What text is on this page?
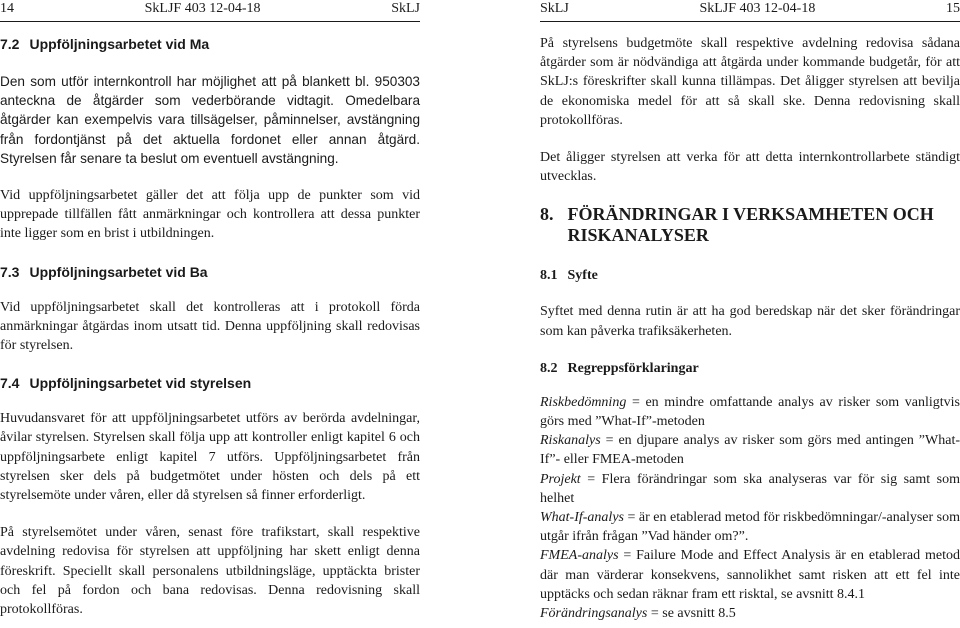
14	SkLJF 403 12-04-18	SkLJ
7.2 Uppföljningsarbetet vid Ma

Den som utför internkontroll har möjlighet att på blankett bl. 950303 anteckna de åtgärder som vederbörande vidtagit. Omedelbara åtgärder kan exempelvis vara tillsägelser, påminnelser, avstängning från fordontjänst på det aktuella fordonet eller annan åtgärd. Styrelsen får senare ta beslut om eventuell avstängning.

Vid uppföljningsarbetet gäller det att följa upp de punkter som vid upprepade tillfällen fått anmärkningar och kontrollera att dessa punkter inte ligger som en brist i utbildningen.

7.3 Uppföljningsarbetet vid Ba

Vid uppföljningsarbetet skall det kontrolleras att i protokoll förda anmärkningar åtgärdas inom utsatt tid. Denna uppföljning skall redovisas för styrelsen.

7.4 Uppföljningsarbetet vid styrelsen

Huvudansvaret för att uppföljningsarbetet utförs av berörda avdelningar, åvilar styrelsen. Styrelsen skall följa upp att kontroller enligt kapitel 6 och uppföljningsarbete enligt kapitel 7 utförs. Uppföljningsarbetet från styrelsen sker dels på budgetmötet under hösten och dels på ett styrelsemöte under våren, eller då styrelsen så finner erforderligt.

På styrelsemötet under våren, senast före trafikstart, skall respektive avdelning redovisa för styrelsen att uppföljning har skett enligt denna föreskrift. Speciellt skall personalens utbildningsläge, upptäckta brister och fel på fordon och bana redovisas. Denna redovisning skall protokollföras.

SkLJ	SkLJF 403 12-04-18	15

På styrelsens budgetmöte skall respektive avdelning redovisa sådana åtgärder som är nödvändiga att åtgärda under kommande budgetår, för att SkLJ:s föreskrifter skall kunna tillämpas. Det åligger styrelsen att bevilja de ekonomiska medel för att så skall ske. Denna redovisning skall protokollföras.

Det åligger styrelsen att verka för att detta internkontrollarbete ständigt utvecklas.

8. FÖRÄNDRINGAR I VERKSAMHETEN OCH RISKANALYSER
8.1 Syfte

Syftet med denna rutin är att ha god beredskap när det sker förändringar som kan påverka trafiksäkerheten.

8.2 Regreppsförklaringar
Riskbedömning = en mindre omfattande analys av risker som vanligtvis görs med ”What-If”-metoden
Riskanalys = en djupare analys av risker som görs med antingen ”What-If”- eller FMEA-metoden
Projekt = Flera förändringar som ska analyseras var för sig samt som helhet
What-If-analys = är en etablerad metod för riskbedömningar/-analyser som utgår ifrån frågan ”Vad händer om?”.
FMEA-analys = Failure Mode and Effect Analysis är en etablerad metod där man värderar konsekvens, sannolikhet samt risken att ett fel inte upptäcks och sedan räknar fram ett risktal, se avsnitt 8.4.1
Förändringsanalys = se avsnitt 8.5
